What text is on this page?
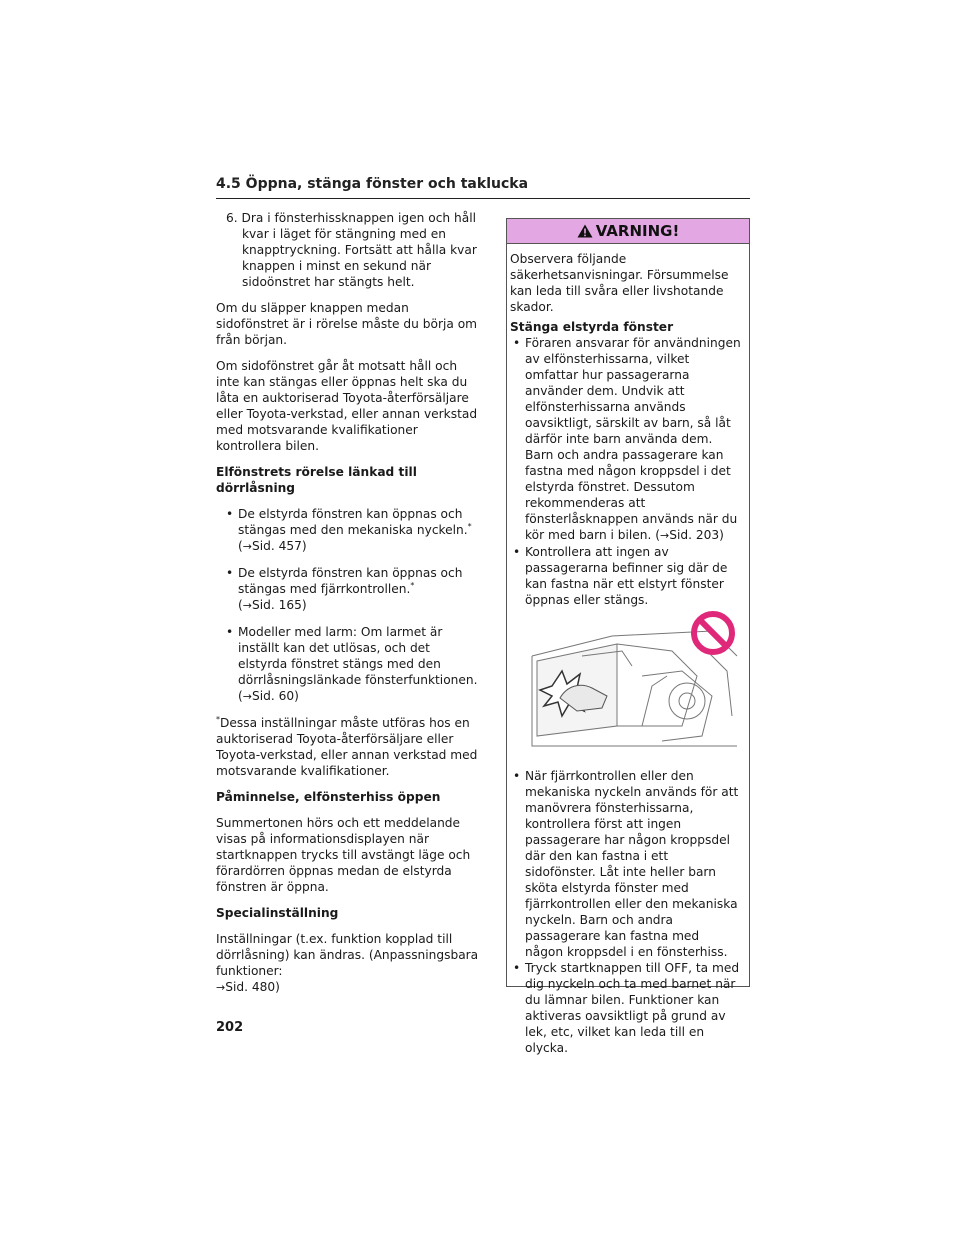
4.5 Öppna, stänga fönster och taklucka

6. Dra i fönsterhissknappen igen och håll kvar i läget för stängning med en knapptryckning. Fortsätt att hålla kvar knappen i minst en sekund när sidoönstret har stängts helt.

Om du släpper knappen medan sidofönstret är i rörelse måste du börja om från början.

Om sidofönstret går åt motsatt håll och inte kan stängas eller öppnas helt ska du låta en auktoriserad Toyota-återförsäljare eller Toyota-verkstad, eller annan verkstad med motsvarande kvalifikationer kontrollera bilen.

Elfönstrets rörelse länkad till dörrlåsning

• De elstyrda fönstren kan öppnas och stängas med den mekaniska nyckeln.*
(→Sid. 457)
• De elstyrda fönstren kan öppnas och stängas med fjärrkontrollen.*
(→Sid. 165)
• Modeller med larm: Om larmet är inställt kan det utlösas, och det elstyrda fönstret stängs med den dörrlåsningslänkade fönsterfunktionen. (→Sid. 60)

*Dessa inställningar måste utföras hos en auktoriserad Toyota-återförsäljare eller Toyota-verkstad, eller annan verkstad med motsvarande kvalifikationer.

Påminnelse, elfönsterhiss öppen

Summertonen hörs och ett meddelande visas på informationsdisplayen när startknappen trycks till avstängt läge och förardörren öppnas medan de elstyrda fönstren är öppna.

Specialinställning

Inställningar (t.ex. funktion kopplad till dörrlåsning) kan ändras. (Anpassningsbara funktioner:
→Sid. 480)

VARNING!

Observera följande säkerhetsanvisningar. Försummelse kan leda till svåra eller livshotande skador.

Stänga elstyrda fönster

• Föraren ansvarar för användningen av elfönsterhissarna, vilket omfattar hur passagerarna använder dem. Undvik att elfönsterhissarna används oavsiktligt, särskilt av barn, så låt därför inte barn använda dem. Barn och andra passagerare kan fastna med någon kroppsdel i det elstyrda fönstret. Dessutom rekommenderas att fönsterlåsknappen används när du kör med barn i bilen. (→Sid. 203)
• Kontrollera att ingen av passagerarna befinner sig där de kan fastna när ett elstyrt fönster öppnas eller stängs.
• När fjärrkontrollen eller den mekaniska nyckeln används för att manövrera fönsterhissarna, kontrollera först att ingen passagerare har någon kroppsdel där den kan fastna i ett sidofönster. Låt inte heller barn sköta elstyrda fönster med fjärrkontrollen eller den mekaniska nyckeln. Barn och andra passagerare kan fastna med någon kroppsdel i en fönsterhiss.
• Tryck startknappen till OFF, ta med dig nyckeln och ta med barnet när du lämnar bilen. Funktioner kan aktiveras oavsiktligt på grund av lek, etc, vilket kan leda till en olycka.
202
